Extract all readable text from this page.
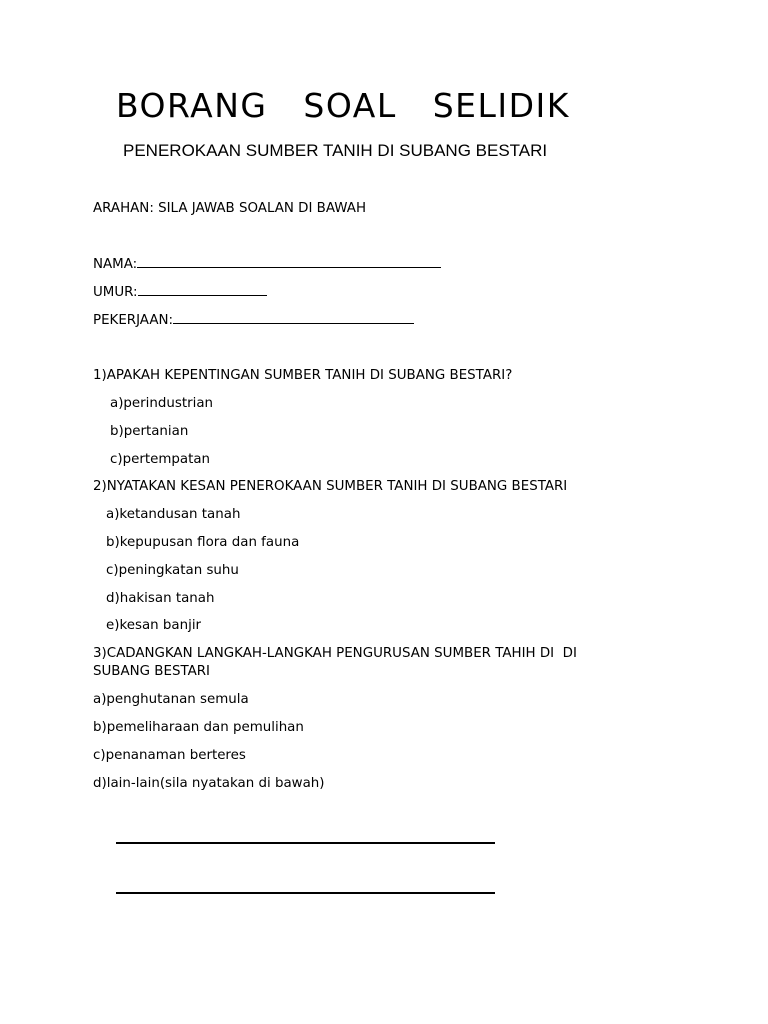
BORANG  SOAL  SELIDIK
PENEROKAAN SUMBER TANIH DI SUBANG BESTARI
ARAHAN: SILA JAWAB SOALAN DI BAWAH
NAMA:
UMUR:
PEKERJAAN:
1)APAKAH KEPENTINGAN SUMBER TANIH DI SUBANG BESTARI?
a)perindustrian
b)pertanian
c)pertempatan
2)NYATAKAN KESAN PENEROKAAN SUMBER TANIH DI SUBANG BESTARI
a)ketandusan tanah
b)kepupusan flora dan fauna
c)peningkatan suhu
d)hakisan tanah
e)kesan banjir
3)CADANGKAN LANGKAH-LANGKAH PENGURUSAN SUMBER TAHIH DI  DI
SUBANG BESTARI
a)penghutanan semula
b)pemeliharaan dan pemulihan
c)penanaman berteres
d)lain-lain(sila nyatakan di bawah)
